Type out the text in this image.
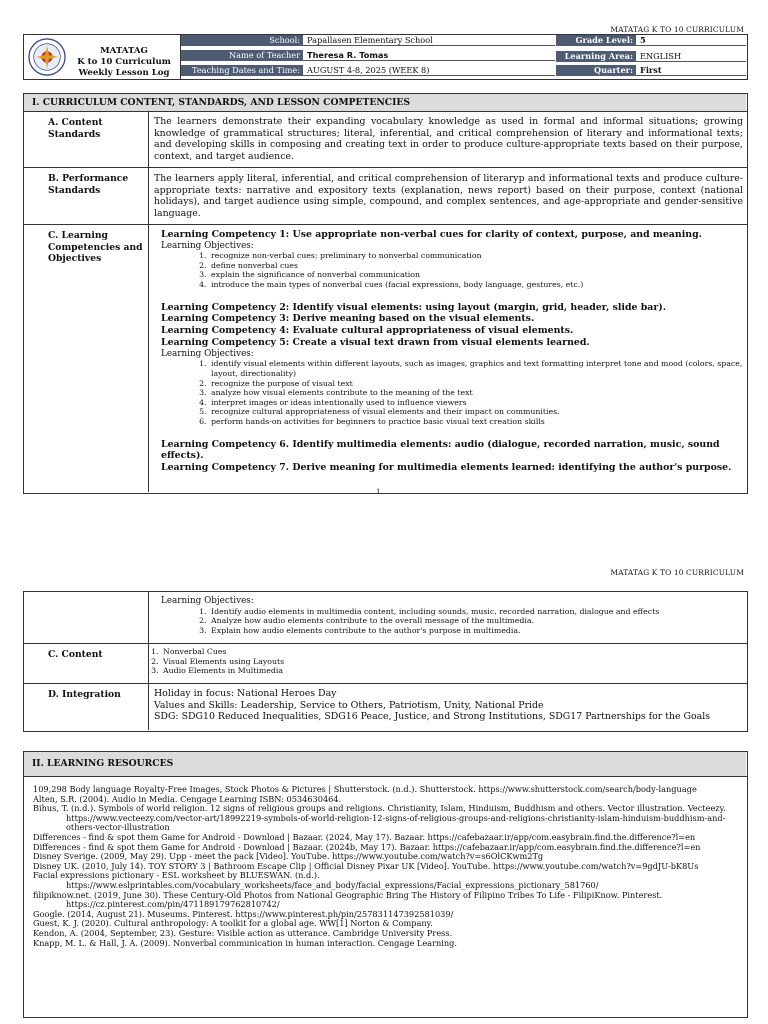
MATATAG K TO 10 CURRICULUM
MATATAG
K to 10 Curriculum
Weekly Lesson Log
School: Papallasen Elementary School
Name of Teacher Theresa R. Tomas
Teaching Dates and Time: AUGUST 4-8, 2025 (WEEK 8)
Grade Level: 5
Learning Area: ENGLISH
Quarter: First
I. CURRICULUM CONTENT, STANDARDS, AND LESSON COMPETENCIES
A. Content Standards
The learners demonstrate their expanding vocabulary knowledge as used in formal and informal situations; growing knowledge of grammatical structures; literal, inferential, and critical comprehension of literary and informational texts; and developing skills in composing and creating text in order to produce culture-appropriate texts based on their purpose, context, and target audience.
B. Performance Standards
The learners apply literal, inferential, and critical comprehension of literaryp and informational texts and produce culture-appropriate texts: narrative and expository texts (explanation, news report) based on their purpose, context (national holidays), and target audience using simple, compound, and complex sentences, and age-appropriate and gender-sensitive language.
C. Learning Competencies and Objectives
Learning Competency 1: Use appropriate non-verbal cues for clarity of context, purpose, and meaning.
Learning Objectives:
1. recognize non-verbal cues: preliminary to nonverbal communication
2. define nonverbal cues
3. explain the significance of nonverbal communication
4. introduce the main types of nonverbal cues (facial expressions, body language, gestures, etc.)
Learning Competency 2: Identify visual elements: using layout (margin, grid, header, slide bar).
Learning Competency 3: Derive meaning based on the visual elements.
Learning Competency 4: Evaluate cultural appropriateness of visual elements.
Learning Competency 5: Create a visual text drawn from visual elements learned.
Learning Objectives:
1. identify visual elements within different layouts, such as images, graphics and text formatting interpret tone and mood (colors, space, layout, directionality)
2. recognize the purpose of visual text
3. analyze how visual elements contribute to the meaning of the text
4. interpret images or ideas intentionally used to influence viewers
5. recognize cultural appropriateness of visual elements and their impact on communities.
6. perform hands-on activities for beginners to practice basic visual text creation skills
Learning Competency 6. Identify multimedia elements: audio (dialogue, recorded narration, music, sound effects).
Learning Competency 7. Derive meaning for multimedia elements learned: identifying the author's purpose.
1
MATATAG K TO 10 CURRICULUM
Learning Objectives:
1. Identify audio elements in multimedia content, including sounds, music, recorded narration, dialogue and effects
2. Analyze how audio elements contribute to the overall message of the multimedia.
3. Explain how audio elements contribute to the author's purpose in multimedia.
C. Content
1.	Nonverbal Cues
2. Visual Elements using Layouts
3. Audio Elements in Multimedia
D. Integration	Holiday in focus: National Heroes Day
Values and Skills: Leadership, Service to Others, Patriotism, Unity, National Pride
SDG: SDG10 Reduced Inequalities, SDG16 Peace, Justice, and Strong Institutions, SDG17 Partnerships for the Goals
II. LEARNING RESOURCES

109,298 Body language Royalty-Free Images, Stock Photos & Pictures | Shutterstock. (n.d.). Shutterstock. https://www.shutterstock.com/search/body-language

Alten, S.R. (2004). Audio in Media. Cengage Learning ISBN: 0534630464.

Bihus, T. (n.d.). Symbols of world religion. 12 signs of religious groups and religions. Christianity, Islam, Hinduism, Buddhism and others. Vector illustration. Vecteezy. https://www.vecteezy.com/vector-art/18992219-symbols-of-world-religion-12-signs-of-religious-groups-and-religions-christianity-islam-hinduism-buddhism-and-others-vector-illustration

Differences - find & spot them Game for Android - Download | Bazaar. (2024, May 17). Bazaar. https://cafebazaar.ir/app/com.easybrain.find.the.difference?l=en

Differences - find & spot them Game for Android - Download | Bazaar. (2024b, May 17). Bazaar. https://cafebazaar.ir/app/com.easybrain.find.the.difference?l=en

Disney Sverige. (2009, May 29). Upp - meet the pack [Video]. YouTube. https://www.youtube.com/watch?v=s6OlCKwm2Tg

Disney UK. (2010, July 14). TOY STORY 3 | Bathroom Escape Clip | Official Disney Pixar UK [Video]. YouTube. https://www.youtube.com/watch?v=9gdJU-bK8Us

Facial expressions pictionary - ESL worksheet by BLUESWAN. (n.d.). https://www.eslprintables.com/vocabulary_worksheets/face_and_body/facial_expressions/Facial_expressions_pictionary_581760/

filipiknow.net. (2019, June 30). These Century-Old Photos from National Geographic Bring The History of Filipino Tribes To Life - FilipiKnow. Pinterest. https://cz.pinterest.com/pin/471189179762810742/

Google. (2014, August 21). Museums. Pinterest. https://www.pinterest.ph/pin/257831147392581039/

Guest, K. J. (2020). Cultural anthropology: A toolkit for a global age. WW[1] Norton & Company.

Kendon, A. (2004, September, 23). Gesture: Visible action as utterance. Cambridge University Press.

Knapp, M. L. & Hall, J. A. (2009). Nonverbal communication in human interaction. Cengage Learning.
